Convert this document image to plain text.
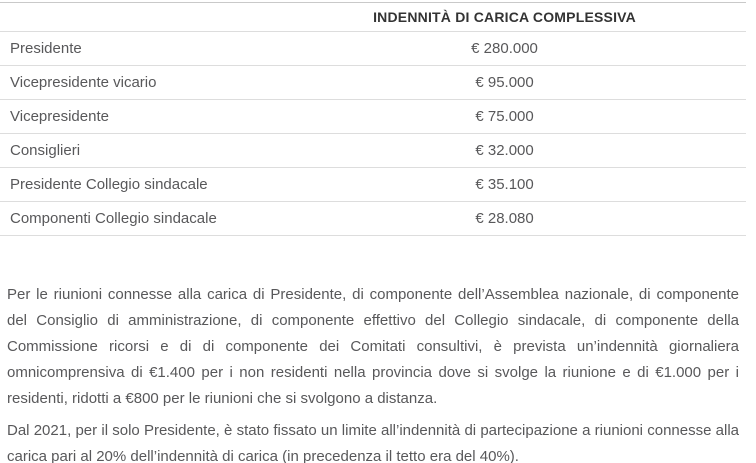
	INDENNITÀ DI CARICA COMPLESSIVA
Presidente	€ 280.000
Vicepresidente vicario	€ 95.000
Vicepresidente	€ 75.000
Consiglieri	€ 32.000
Presidente Collegio sindacale	€ 35.100
Componenti Collegio sindacale	€ 28.080

Per le riunioni connesse alla carica di Presidente, di componente dell’Assemblea nazionale, di componente del Consiglio di amministrazione, di componente effettivo del Collegio sindacale, di componente della Commissione ricorsi e di di componente dei Comitati consultivi, è prevista un’indennità giornaliera omnicomprensiva di €1.400 per i non residenti nella provincia dove si svolge la riunione e di €1.000 per i residenti, ridotti a €800 per le riunioni che si svolgono a distanza.

Dal 2021, per il solo Presidente, è stato fissato un limite all’indennità di partecipazione a riunioni connesse alla carica pari al 20% dell’indennità di carica (in precedenza il tetto era del 40%).
